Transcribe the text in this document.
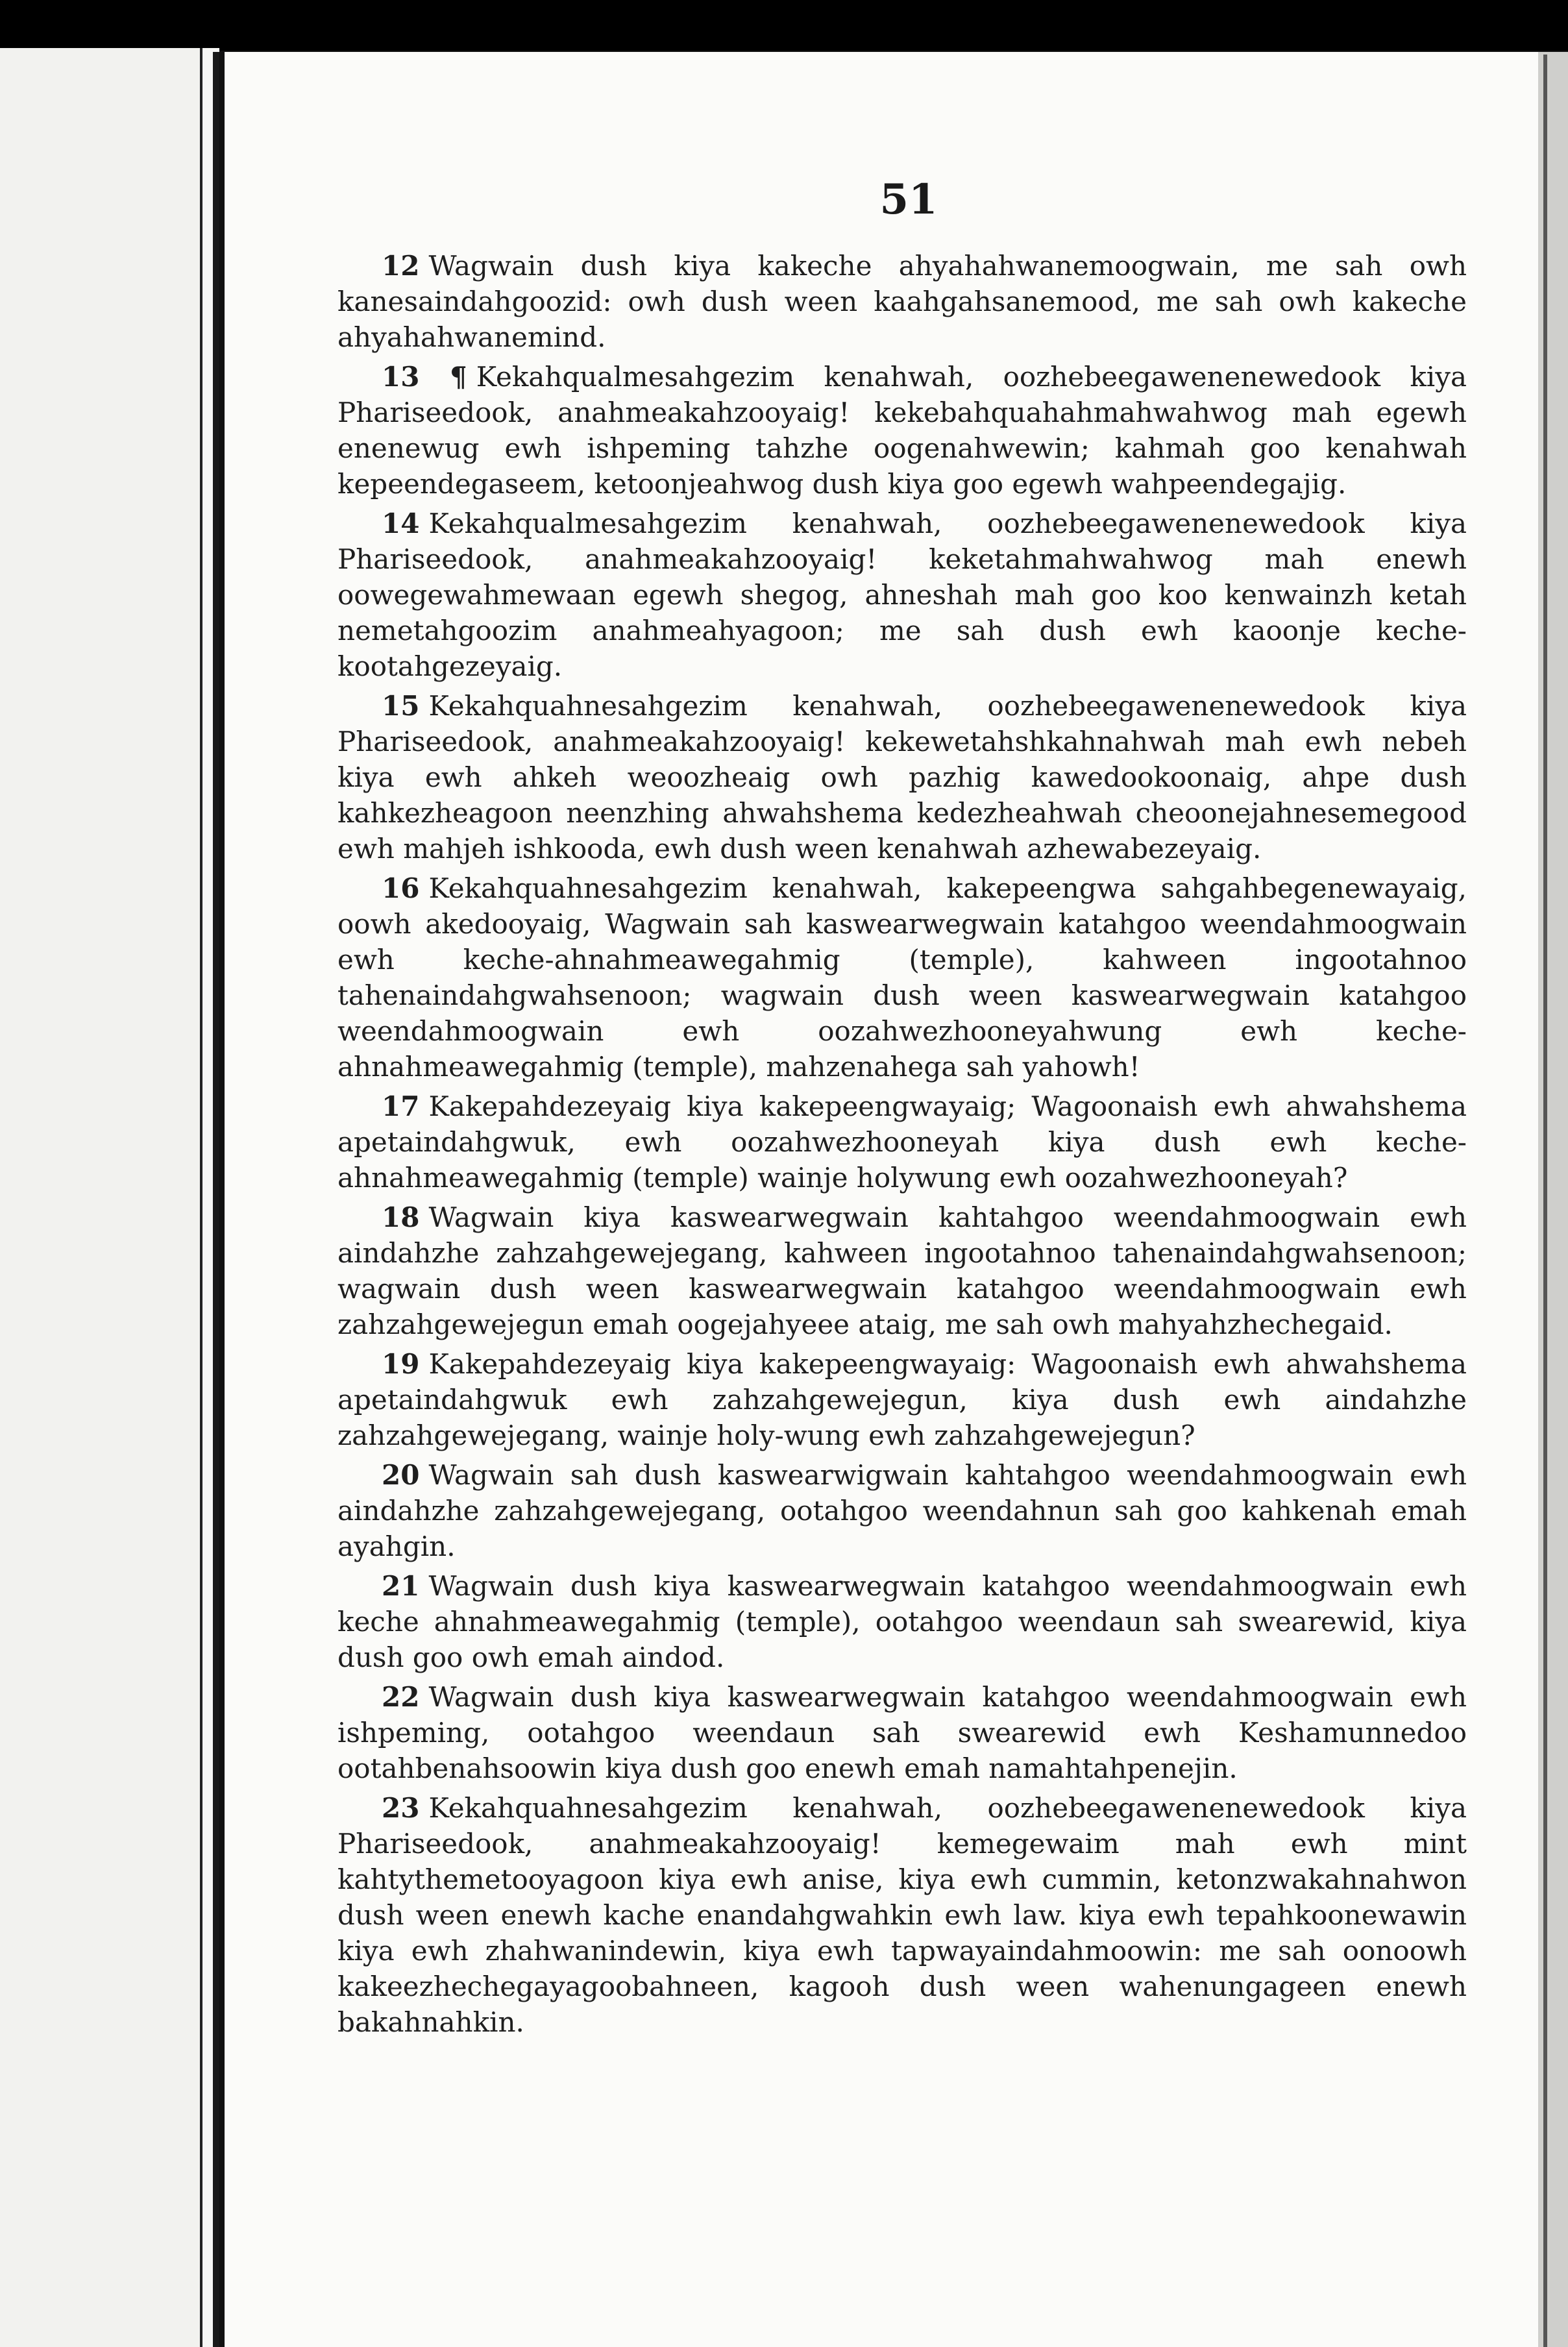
51

12 Wagwain dush kiya kakeche ahyahahwanemoogwain, me sah owh kanesaindahgoozid: owh dush ween kaahgahsanemood, me sah owh kakeche ahyahahwanemind.

13 ¶ Kekahqualmesahgezim kenahwah, oozhebeegawenenewedook kiya Phariseedook, anahmeakahzooyaig! kekebahquahahmahwahwog mah egewh enenewug ewh ishpeming tahzhe oogenahwewin; kahmah goo kenahwah kepeendegaseem, ketoonjeahwog dush kiya goo egewh wahpeendegajig.

14 Kekahqualmesahgezim kenahwah, oozhebeegawenenewedook kiya Phariseedook, anahmeakahzooyaig! keketahmahwahwog mah enewh oowegewahmewaan egewh shegog, ahneshah mah goo koo kenwainzh ketah nemetahgoozim anahmeahyagoon; me sah dush ewh kaoonje keche-kootahgezeyaig.

15 Kekahquahnesahgezim kenahwah, oozhebeegawenenewedook kiya Phariseedook, anahmeakahzooyaig! kekewetahshkahnahwah mah ewh nebeh kiya ewh ahkeh weoozheaig owh pazhig kawedookoonaig, ahpe dush kahkezheagoon neenzhing ahwahshema kedezheahwah cheoonejahnesemegood ewh mahjeh ishkooda, ewh dush ween kenahwah azhewabezeyaig.

16 Kekahquahnesahgezim kenahwah, kakepeengwa sahgahbegenewayaig, oowh akedooyaig, Wagwain sah kaswearwegwain katahgoo weendahmoogwain ewh keche-ahnahmeawegahmig (temple), kahween ingootahnoo tahenaindahgwahsenoon; wagwain dush ween kaswearwegwain katahgoo weendahmoogwain ewh oozahwezhooneyahwung ewh keche-ahnahmeawegahmig (temple), mahzenahega sah yahowh!

17 Kakepahdezeyaig kiya kakepeengwayaig; Wagoonaish ewh ahwahshema apetaindahgwuk, ewh oozahwezhooneyah kiya dush ewh keche-ahnahmeawegahmig (temple) wainje holywung ewh oozahwezhooneyah?

18 Wagwain kiya kaswearwegwain kahtahgoo weendahmoogwain ewh aindahzhe zahzahgewejegang, kahween ingootahnoo tahenaindahgwahsenoon; wagwain dush ween kaswearwegwain katahgoo weendahmoogwain ewh zahzahgewejegun emah oogejahyeee ataig, me sah owh mahyahzhechegaid.

19 Kakepahdezeyaig kiya kakepeengwayaig: Wagoonaish ewh ahwahshema apetaindahgwuk ewh zahzahgewejegun, kiya dush ewh aindahzhe zahzahgewejegang, wainje holy-wung ewh zahzahgewejegun?

20 Wagwain sah dush kaswearwigwain kahtahgoo weendahmoogwain ewh aindahzhe zahzahgewejegang, ootahgoo weendahnun sah goo kahkenah emah ayahgin.

21 Wagwain dush kiya kaswearwegwain katahgoo weendahmoogwain ewh keche ahnahmeawegahmig (temple), ootahgoo weendaun sah swearewid, kiya dush goo owh emah aindod.

22 Wagwain dush kiya kaswearwegwain katahgoo weendahmoogwain ewh ishpeming, ootahgoo weendaun sah swearewid ewh Keshamunnedoo ootahbenahsoowin kiya dush goo enewh emah namahtahpenejin.

23 Kekahquahnesahgezim kenahwah, oozhebeegawenenewedook kiya Phariseedook, anahmeakahzooyaig! kemegewaim mah ewh mint kahtythemetooyagoon kiya ewh anise, kiya ewh cummin, ketonzwakahnahwon dush ween enewh kache enandahgwahkin ewh law. kiya ewh tepahkoonewawin kiya ewh zhahwanindewin, kiya ewh tapwayaindahmoowin: me sah oonoowh kakeezhechegayagoobahneen, kagooh dush ween wahenungageen enewh bakahnahkin.
